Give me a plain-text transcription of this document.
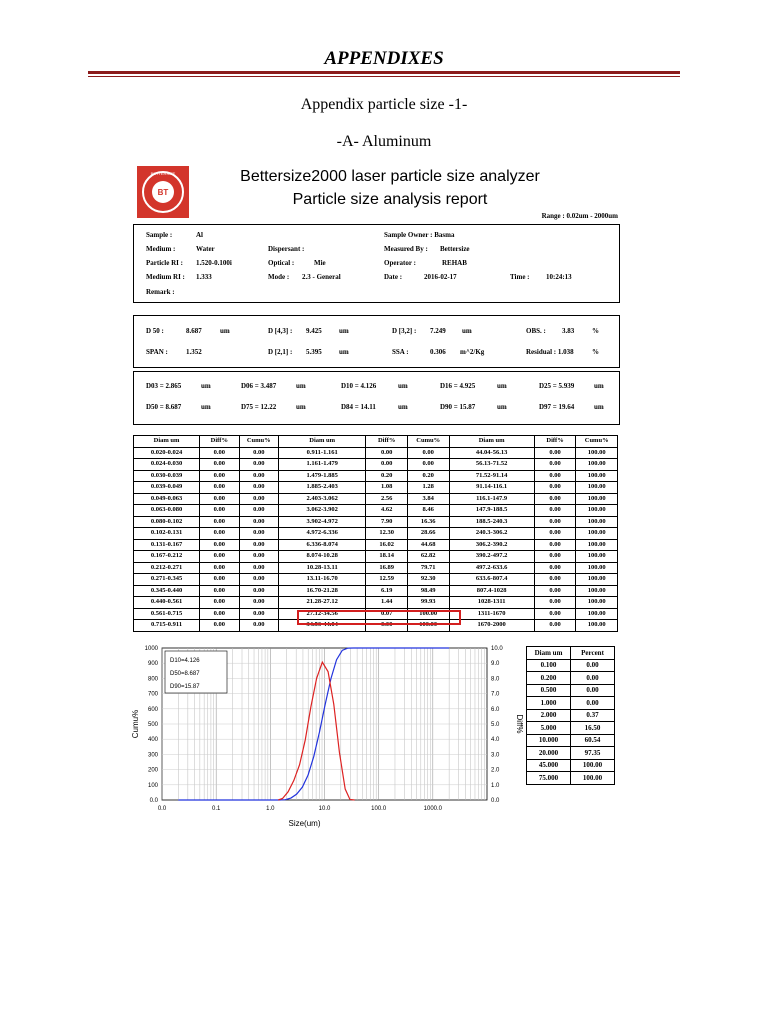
APPENDIXES
Appendix particle size -1-
-A- Aluminum
BT
BETTERSIZE	Bettersize2000 laser particle size analyzer
Particle size analysis report
Range : 0.02um - 2000um
Sample :	Al
Medium :	Water
Particle RI : 1.520-0.100i
Medium RI : 1.333
Remark :
Dispersant :
Optical :	Mie
Mode : 2.3 - General
Sample Owner : Basma
Measured By : Bettersize
Operator :	REHAB
Date :	2016-02-17	Time : 10:24:13
D 50 :	8.687	um
SPAN :	1.352
D [4,3] : 9.425 um
D [2,1] : 5.395 um
D [3,2] : 7.249 um
SSA :	0.306 m^2/Kg
OBS. : 3.83	%
Residual : 1.038	%
D03 = 2.865	um	D06 = 3.487	um	D10 = 4.126	um	D16 = 4.925	um	D25 = 5.939	um
D50 = 8.687	um	D75 = 12.22	um	D84 = 14.11	um	D90 = 15.87	um	D97 = 19.64	um
Diam um	Diff%	Cumu%	Diam um	Diff%	Cumu%	Diam um	Diff%	Cumu%
0.020-0.024	0.00	0.00	0.911-1.161	0.00	0.00	44.04-56.13	0.00	100.00
0.024-0.030	0.00	0.00	1.161-1.479	0.00	0.00	56.13-71.52	0.00	100.00
0.030-0.039	0.00	0.00	1.479-1.885	0.20	0.20	71.52-91.14	0.00	100.00
0.039-0.049	0.00	0.00	1.885-2.403	1.08	1.28	91.14-116.1	0.00	100.00
0.049-0.063	0.00	0.00	2.403-3.062	2.56	3.84	116.1-147.9	0.00	100.00
0.063-0.080	0.00	0.00	3.062-3.902	4.62	8.46	147.9-188.5	0.00	100.00
0.080-0.102	0.00	0.00	3.902-4.972	7.90	16.36	188.5-240.3	0.00	100.00
0.102-0.131	0.00	0.00	4.972-6.336	12.30	28.66	240.3-306.2	0.00	100.00
0.131-0.167	0.00	0.00	6.336-8.074	16.02	44.68	306.2-390.2	0.00	100.00
0.167-0.212	0.00	0.00	8.074-10.28	18.14	62.82	390.2-497.2	0.00	100.00
0.212-0.271	0.00	0.00	10.28-13.11	16.89	79.71	497.2-633.6	0.00	100.00
0.271-0.345	0.00	0.00	13.11-16.70	12.59	92.30	633.6-807.4	0.00	100.00
0.345-0.440	0.00	0.00	16.70-21.28	6.19	98.49	807.4-1028	0.00	100.00
0.440-0.561	0.00	0.00	21.28-27.12	1.44	99.93	1028-1311	0.00	100.00
0.561-0.715	0.00	0.00	27.12-34.56	0.07	100.00	1311-1670	0.00	100.00
0.715-0.911	0.00	0.00	34.56-44.04	0.00	100.00	1670-2000	0.00	100.00
0.0	0.1	1.0	10.0	100.0	1000.0
0.0
100
200
300
400
500
600
700
800
900
1000
0.0
1.0
2.0
3.0
4.0
5.0
6.0
7.0
8.0
9.0
10.0
Size(um)
Cumu%	Diff%
D10=4.126
D50=8.687
D90=15.87
Diam um	Percent
0.100	0.00
0.200	0.00
0.500	0.00
1.000	0.00
2.000	0.37
5.000	16.50
10.000	60.54
20.000	97.35
45.000	100.00
75.000	100.00
